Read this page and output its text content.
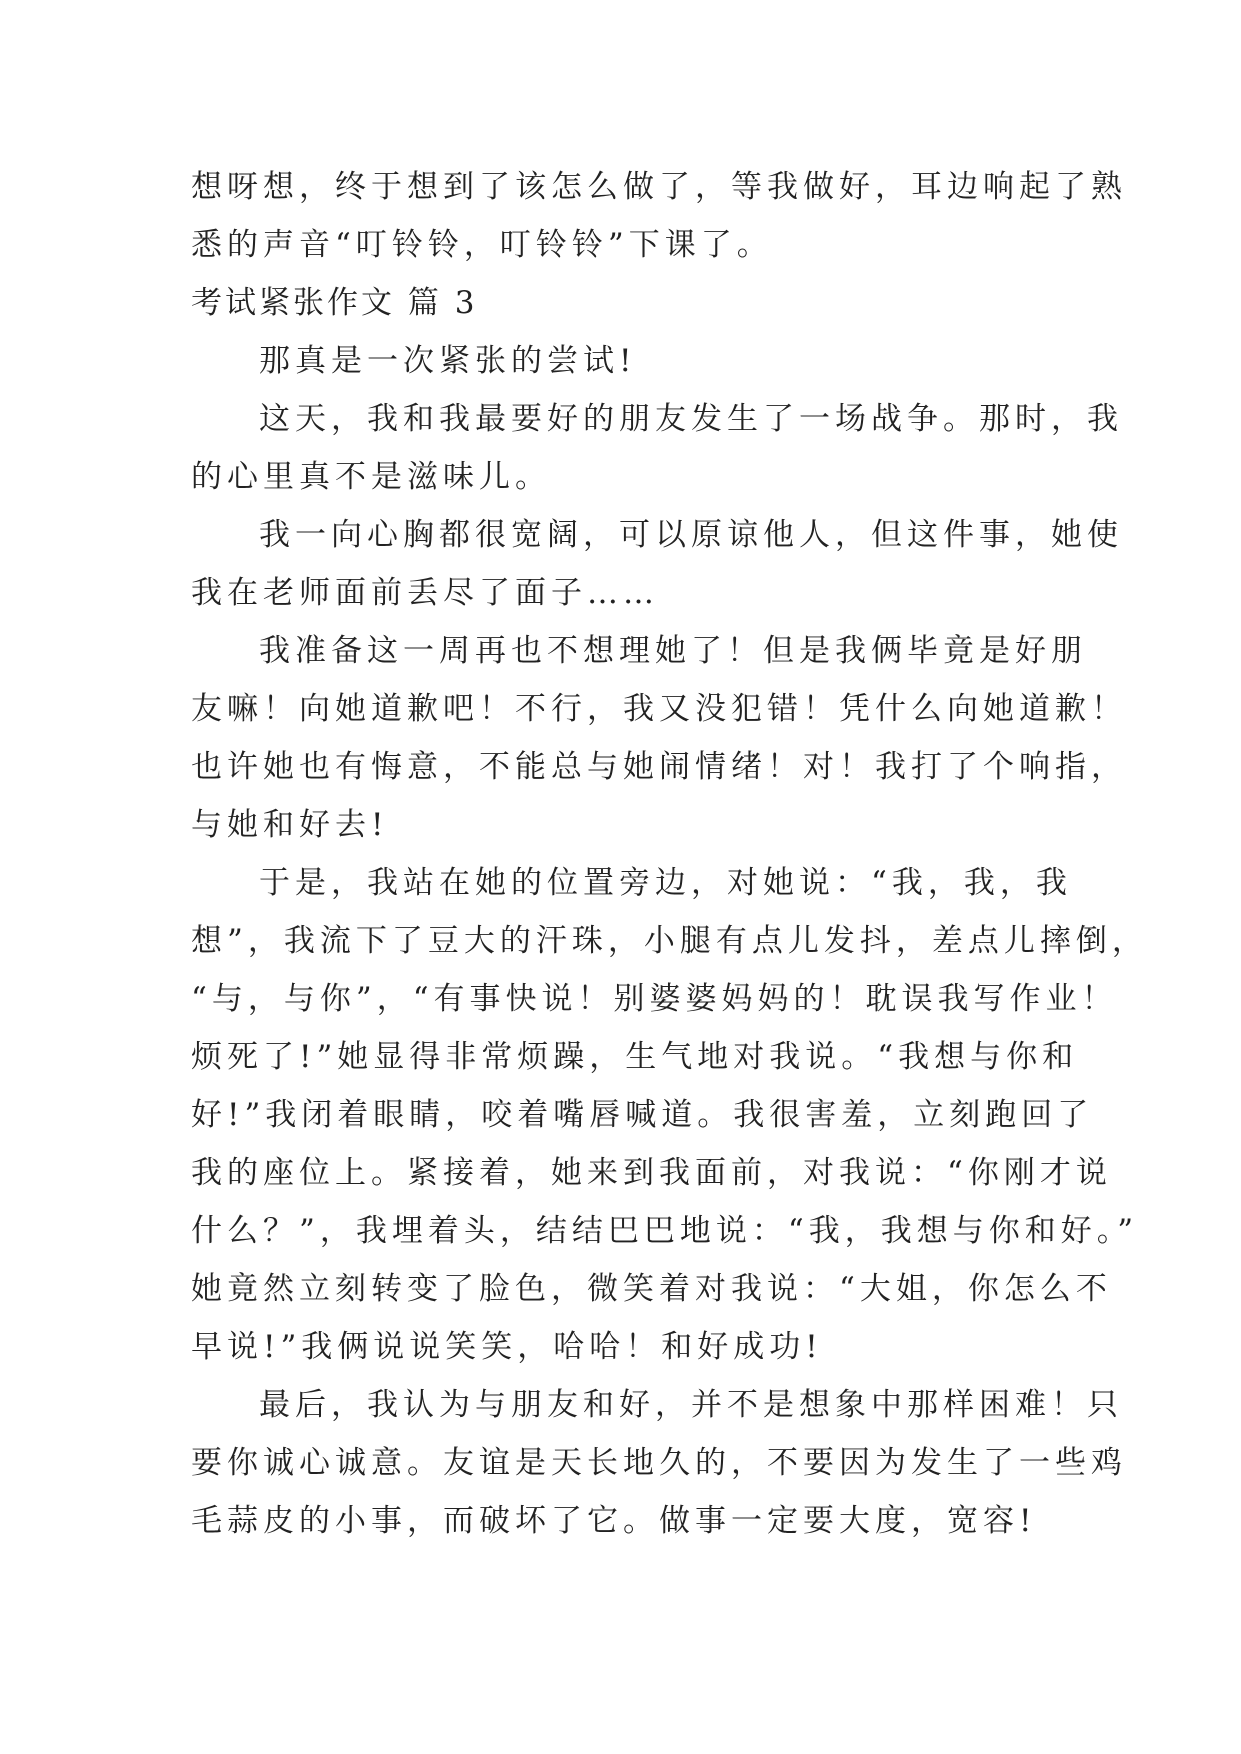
想呀想，终于想到了该怎么做了，等我做好，耳边响起了熟
悉的声音“叮铃铃，叮铃铃”下课了。
考试紧张作文 篇 3
那真是一次紧张的尝试!
这天，我和我最要好的朋友发生了一场战争。那时，我
的心里真不是滋味儿。
我一向心胸都很宽阔，可以原谅他人，但这件事，她使
我在老师面前丢尽了面子……
我准备这一周再也不想理她了！但是我俩毕竟是好朋
友嘛！向她道歉吧！不行，我又没犯错！凭什么向她道歉！
也许她也有悔意，不能总与她闹情绪！对！我打了个响指，
与她和好去!
于是，我站在她的位置旁边，对她说：“我，我，我
想”，我流下了豆大的汗珠，小腿有点儿发抖，差点儿摔倒，
“与，与你”，“有事快说！别婆婆妈妈的！耽误我写作业！
烦死了!”她显得非常烦躁，生气地对我说。“我想与你和
好!”我闭着眼睛，咬着嘴唇喊道。我很害羞，立刻跑回了
我的座位上。紧接着，她来到我面前，对我说：“你刚才说
什么？”，我埋着头，结结巴巴地说：“我，我想与你和好。”
她竟然立刻转变了脸色，微笑着对我说：“大姐，你怎么不
早说!”我俩说说笑笑，哈哈！和好成功!
最后，我认为与朋友和好，并不是想象中那样困难！只
要你诚心诚意。友谊是天长地久的，不要因为发生了一些鸡
毛蒜皮的小事，而破坏了它。做事一定要大度，宽容!
